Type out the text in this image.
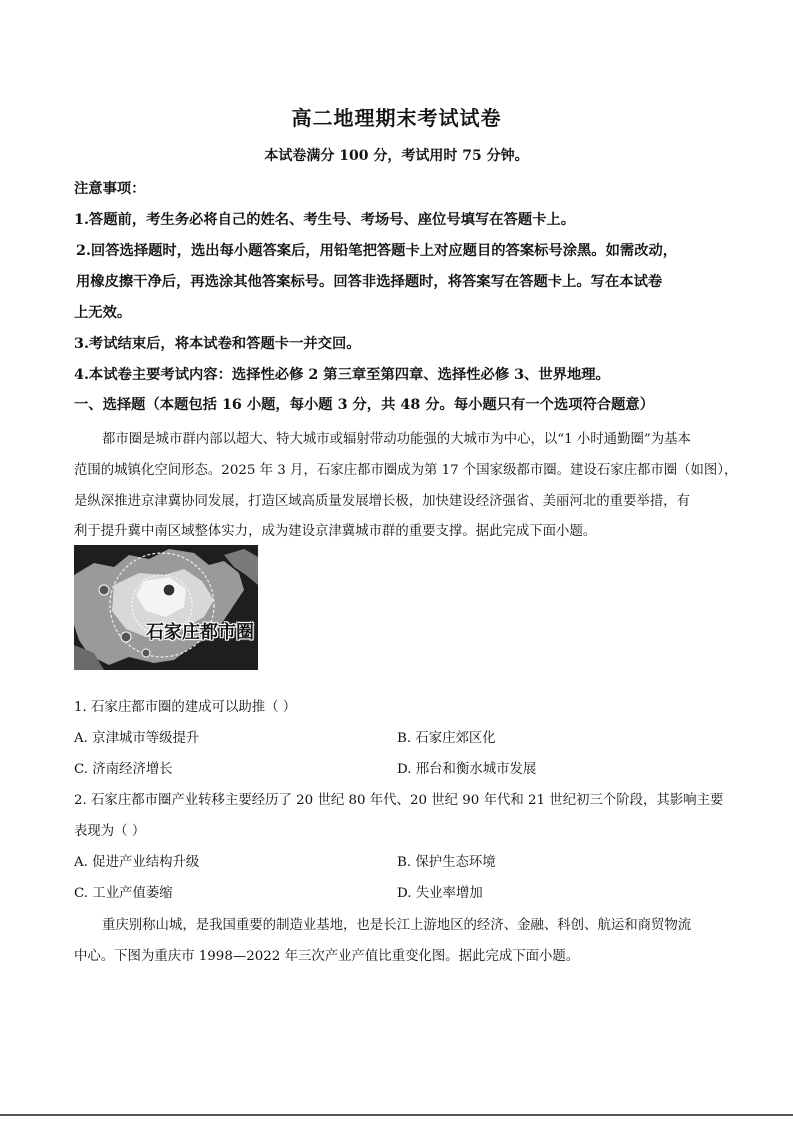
高二地理期末考试试卷
本试卷满分 100 分，考试用时 75 分钟。
注意事项：
1.答题前，考生务必将自己的姓名、考生号、考场号、座位号填写在答题卡上。
2.回答选择题时，选出每小题答案后，用铅笔把答题卡上对应题目的答案标号涂黑。如需改动，
用橡皮擦干净后，再选涂其他答案标号。回答非选择题时，将答案写在答题卡上。写在本试卷
上无效。
3.考试结束后，将本试卷和答题卡一并交回。
4.本试卷主要考试内容：选择性必修 2 第三章至第四章、选择性必修 3、世界地理。
一、选择题（本题包括 16 小题，每小题 3 分，共 48 分。每小题只有一个选项符合题意）
都市圈是城市群内部以超大、特大城市或辐射带动功能强的大城市为中心，以“1 小时通勤圈”为基本
范围的城镇化空间形态。2025 年 3 月，石家庄都市圈成为第 17 个国家级都市圈。建设石家庄都市圈（如图），
是纵深推进京津冀协同发展，打造区域高质量发展增长极，加快建设经济强省、美丽河北的重要举措，有
利于提升冀中南区域整体实力，成为建设京津冀城市群的重要支撑。据此完成下面小题。
石家庄都市圈
1. 石家庄都市圈的建成可以助推（ ）
A. 京津城市等级提升	B. 石家庄郊区化
C. 济南经济增长	D. 邢台和衡水城市发展
2. 石家庄都市圈产业转移主要经历了 20 世纪 80 年代、20 世纪 90 年代和 21 世纪初三个阶段，其影响主要
表现为（ ）
A. 促进产业结构升级	B. 保护生态环境
C. 工业产值萎缩	D. 失业率增加
重庆别称山城，是我国重要的制造业基地，也是长江上游地区的经济、金融、科创、航运和商贸物流
中心。下图为重庆市 1998—2022 年三次产业产值比重变化图。据此完成下面小题。
